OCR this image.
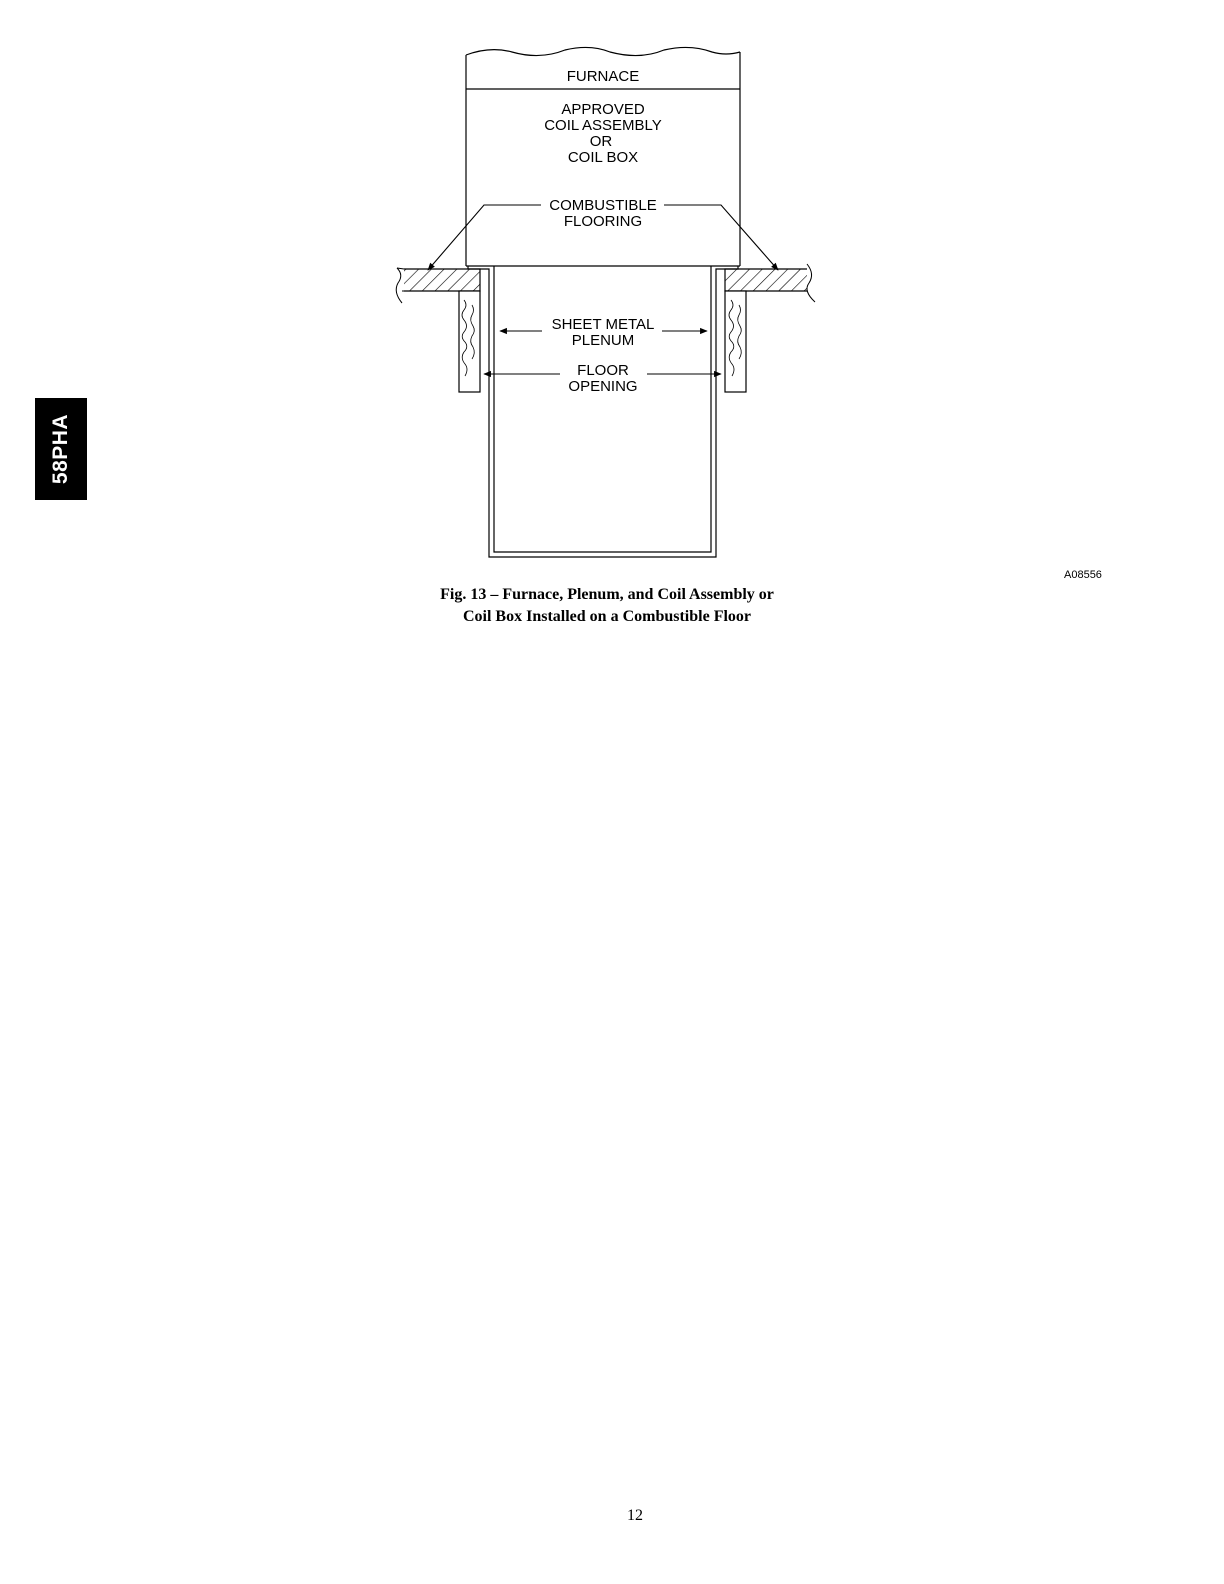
58PHA
FURNACE
APPROVED
COIL ASSEMBLY
OR
COIL BOX
COMBUSTIBLE
FLOORING
SHEET METAL
PLENUM
FLOOR
OPENING
A08556
Fig. 13 – Furnace, Plenum, and Coil Assembly or
Coil Box Installed on a Combustible Floor
12
